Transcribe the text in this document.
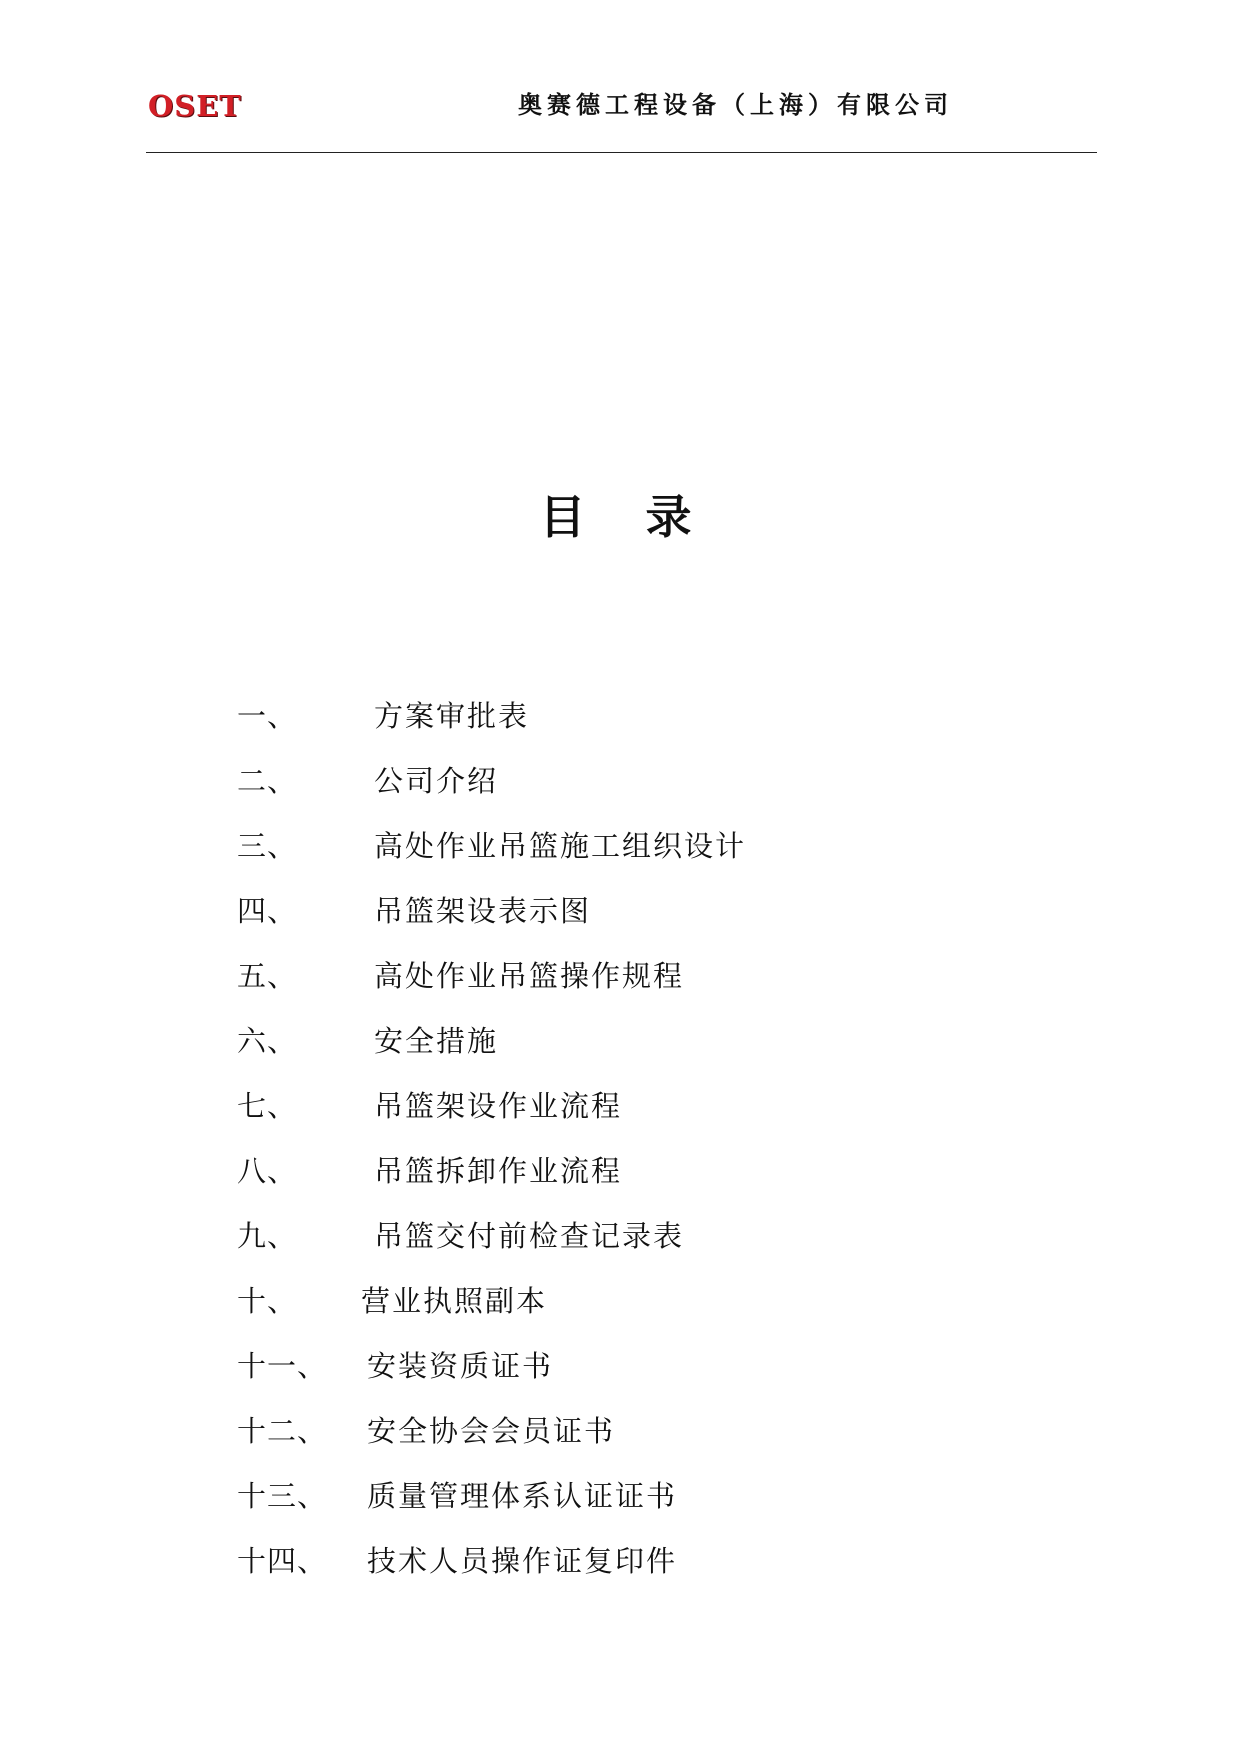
OSET	奥赛德工程设备（上海）有限公司
目 录
一、	方案审批表
二、	公司介绍
三、	高处作业吊篮施工组织设计
四、	吊篮架设表示图
五、	高处作业吊篮操作规程
六、	安全措施
七、	吊篮架设作业流程
八、	吊篮拆卸作业流程
九、	吊篮交付前检查记录表
十、 营业执照副本
十一、 安装资质证书
十二、 安全协会会员证书
十三、 质量管理体系认证证书
十四、 技术人员操作证复印件
